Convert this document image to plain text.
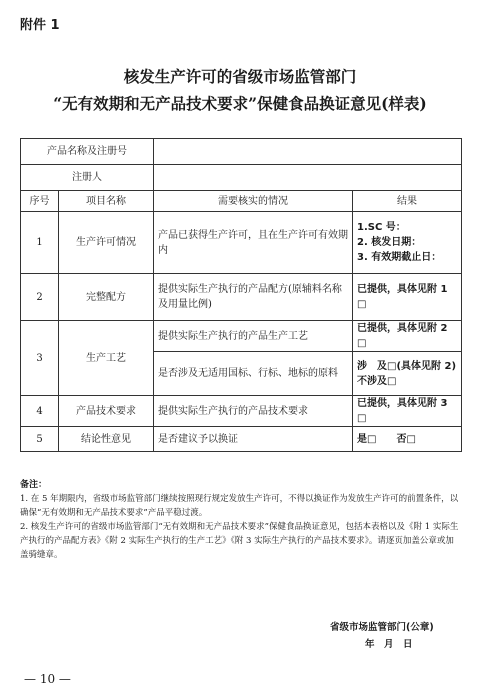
附件 1
核发生产许可的省级市场监管部门
“无有效期和无产品技术要求”保健食品换证意见(样表)
产品名称及注册号			
注册人			
序号	项目名称	需要核实的情况	结果
1	生产许可情况	产品已获得生产许可，且在生产许可有效期内	1.SC 号：
2. 核发日期：
3. 有效期截止日：

2	完整配方	提供实际生产执行的产品配方(原辅料名称及用量比例)	已提供，具体见附 1 □
3	生产工艺	提供实际生产执行的产品生产工艺	已提供，具体见附 2 □
		是否涉及无适用国标、行标、地标的原料	涉　及□(具体见附 2)
不涉及□

4	产品技术要求	提供实际生产执行的产品技术要求	已提供，具体见附 3 □
5	结论性意见	是否建议予以换证	是□　　否□
备注：
1. 在 5 年期限内，省级市场监管部门继续按照现行规定发放生产许可，不得以换证作为发放生产许可的前置条件，以确保“无有效期和无产品技术要求”产品平稳过渡。
2. 核发生产许可的省级市场监管部门“无有效期和无产品技术要求”保健食品换证意见，包括本表格以及《附 1 实际生产执行的产品配方表》《附 2 实际生产执行的生产工艺》《附 3 实际生产执行的产品技术要求》。请逐页加盖公章或加盖骑缝章。
省级市场监管部门(公章)
年　月　日
— 10 —
